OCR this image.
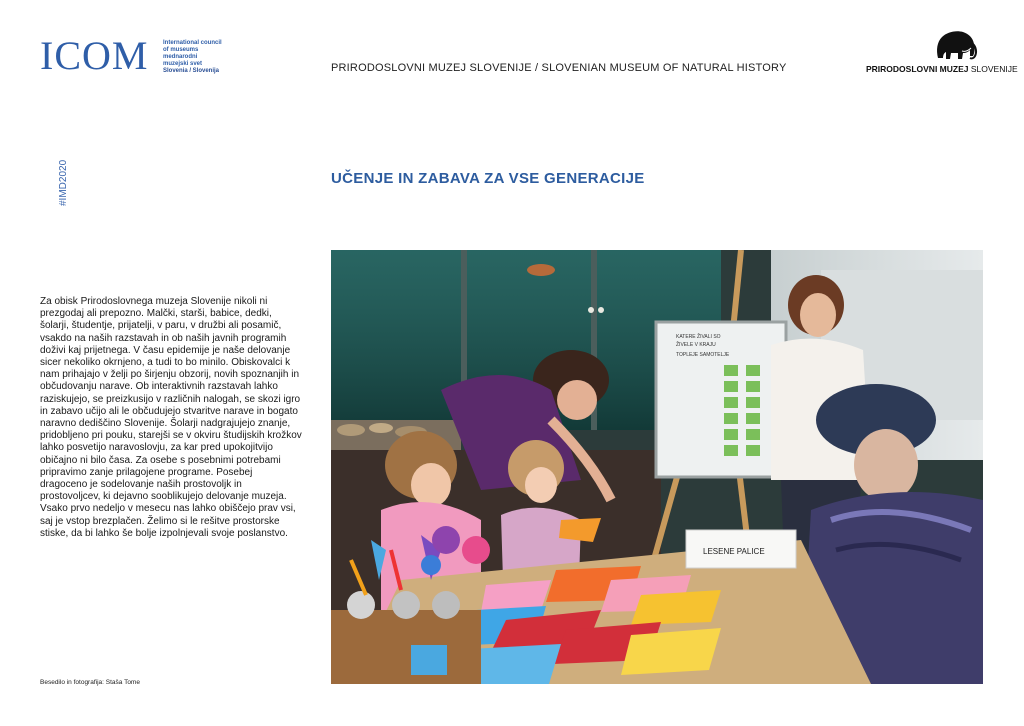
ICOM International council
of museums
mednarodni
muzejski svet
Slovenia / Slovenija	PRIRODOSLOVNI MUZEJ SLOVENIJE / SLOVENIAN MUSEUM OF NATURAL HISTORY	PRIRODOSLOVNI MUZEJ SLOVENIJE
#IMD2020	UČENJE IN ZABAVA ZA VSE GENERACIJE
Za obisk Prirodoslovnega muzeja Slovenije nikoli ni prezgodaj ali prepozno. Malčki, starši, babice, dedki, šolarji, študentje, prijatelji, v paru, v družbi ali posamič, vsakdo na naših razstavah in ob naših javnih programih doživi kaj prijetnega. V času epidemije je naše delovanje sicer nekoliko okrnjeno, a tudi to bo minilo. Obiskovalci k nam prihajajo v želji po širjenju obzorij, novih spoznanjih in občudovanju narave. Ob interaktivnih razstavah lahko raziskujejo, se preizkusijo v različnih nalogah, se skozi igro in zabavo učijo ali le občudujejo stvaritve narave in bogato naravno dediščino Slovenije. Šolarji nadgrajujejo znanje, pridobljeno pri pouku, starejši se v okviru študijskih krožkov lahko posvetijo naravoslovju, za kar pred upokojitvijo običajno ni bilo časa. Za osebe s posebnimi potrebami pripravimo zanje prilagojene programe. Posebej dragoceno je sodelovanje naših prostovoljk in prostovoljcev, ki dejavno sooblikujejo delovanje muzeja. Vsako prvo nedeljo v mesecu nas lahko obiščejo prav vsi, saj je vstop brezplačen. Želimo si le rešitve prostorske stiske, da bi lahko še bolje izpolnjevali svoje poslanstvo.
Besedilo in fotografija: Staša Tome
KATERE ŽIVALI SO
ŽIVELE V KRAJU
TOPLEJE SAMOTELJE
LESENE PALICE
